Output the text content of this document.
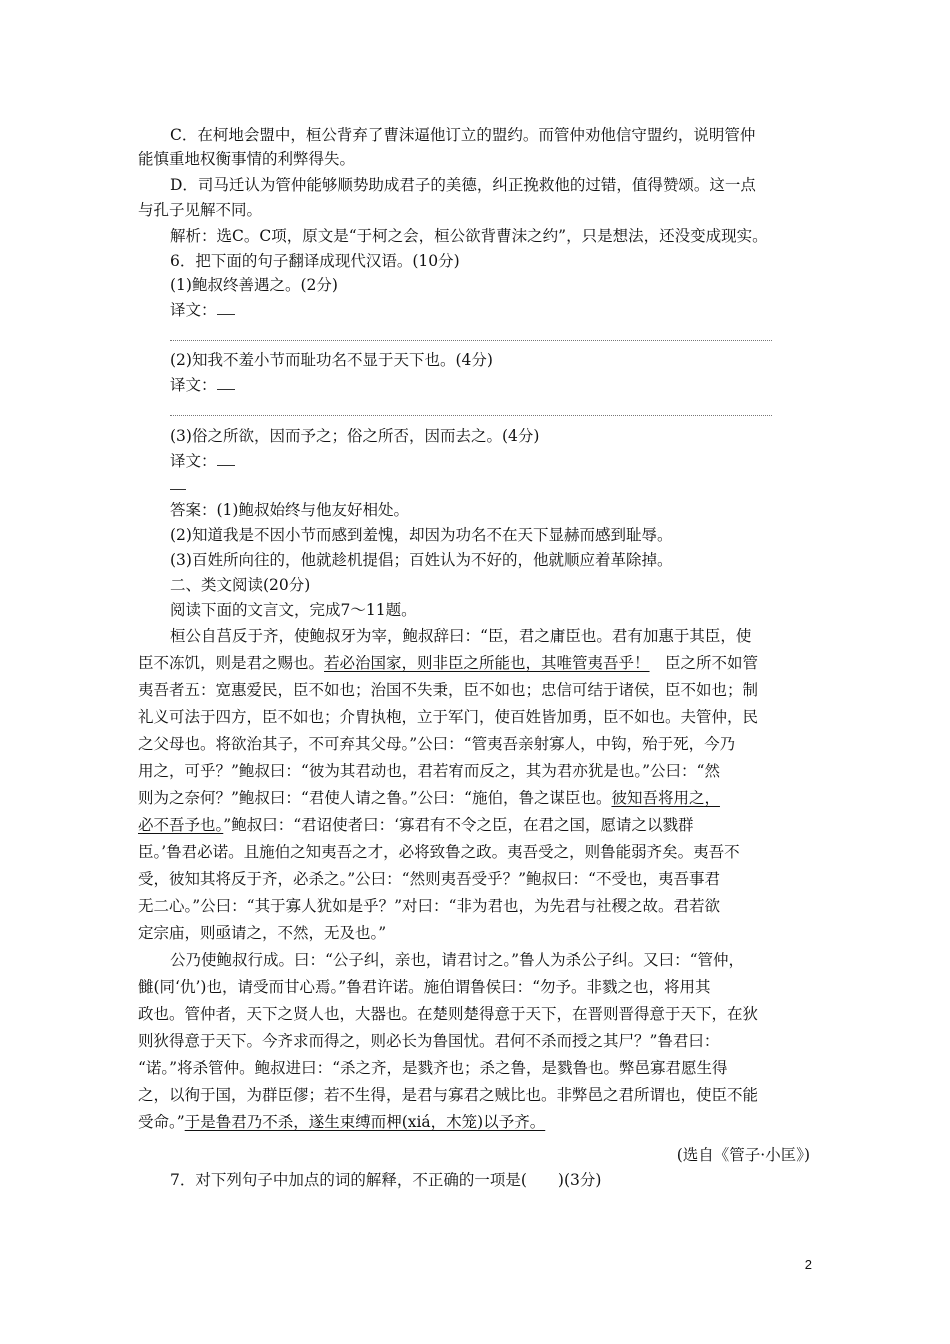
C．在柯地会盟中，桓公背弃了曹沫逼他订立的盟约。而管仲劝他信守盟约，说明管仲
能慎重地权衡事情的利弊得失。
D．司马迁认为管仲能够顺势助成君子的美德，纠正挽救他的过错，值得赞颂。这一点
与孔子见解不同。
解析：选C。C项，原文是“于柯之会，桓公欲背曹沫之约”，只是想法，还没变成现实。
6．把下面的句子翻译成现代汉语。(10分)
(1)鲍叔终善遇之。(2分)
译文：
(2)知我不羞小节而耻功名不显于天下也。(4分)
译文：
(3)俗之所欲，因而予之；俗之所否，因而去之。(4分)
译文：
答案：(1)鲍叔始终与他友好相处。
(2)知道我是不因小节而感到羞愧，却因为功名不在天下显赫而感到耻辱。
(3)百姓所向往的，他就趁机提倡；百姓认为不好的，他就顺应着革除掉。
二、类文阅读(20分)
阅读下面的文言文，完成7～11题。
桓公自莒反于齐，使鲍叔牙为宰，鲍叔辞曰：“臣，君之庸臣也。君有加惠于其臣，使
臣不冻饥，则是君之赐也。若必治国家，则非臣之所能也，其唯管夷吾乎！　臣之所不如管
夷吾者五：宽惠爱民，臣不如也；治国不失秉，臣不如也；忠信可结于诸侯，臣不如也；制
礼义可法于四方，臣不如也；介胄执枹，立于军门，使百姓皆加勇，臣不如也。夫管仲，民
之父母也。将欲治其子，不可弃其父母。”公曰：“管夷吾亲射寡人，中钩，殆于死，今乃
用之，可乎？”鲍叔曰：“彼为其君动也，君若宥而反之，其为君亦犹是也。”公曰：“然
则为之奈何？”鲍叔曰：“君使人请之鲁。”公曰：“施伯，鲁之谋臣也。彼知吾将用之，
必不吾予也。”鲍叔曰：“君诏使者曰：‘寡君有不令之臣，在君之国，愿请之以戮群
臣。’鲁君必诺。且施伯之知夷吾之才，必将致鲁之政。夷吾受之，则鲁能弱齐矣。夷吾不
受，彼知其将反于齐，必杀之。”公曰：“然则夷吾受乎？”鲍叔曰：“不受也，夷吾事君
无二心。”公曰：“其于寡人犹如是乎？”对曰：“非为君也，为先君与社稷之故。君若欲
定宗庙，则亟请之，不然，无及也。”
公乃使鲍叔行成。曰：“公子纠，亲也，请君讨之。”鲁人为杀公子纠。又曰：“管仲，
雠(同‘仇’)也，请受而甘心焉。”鲁君许诺。施伯谓鲁侯曰：“勿予。非戮之也，将用其
政也。管仲者，天下之贤人也，大器也。在楚则楚得意于天下，在晋则晋得意于天下，在狄
则狄得意于天下。今齐求而得之，则必长为鲁国忧。君何不杀而授之其尸？”鲁君曰：
“诺。”将杀管仲。鲍叔进曰：“杀之齐，是戮齐也；杀之鲁，是戮鲁也。弊邑寡君愿生得
之，以徇于国，为群臣僇；若不生得，是君与寡君之贼比也。非弊邑之君所谓也，使臣不能
受命。”于是鲁君乃不杀，遂生束缚而柙(xiá，木笼)以予齐。
(选自《管子·小匡》)
7．对下列句子中加点的词的解释，不正确的一项是(　　)(3分)
2
